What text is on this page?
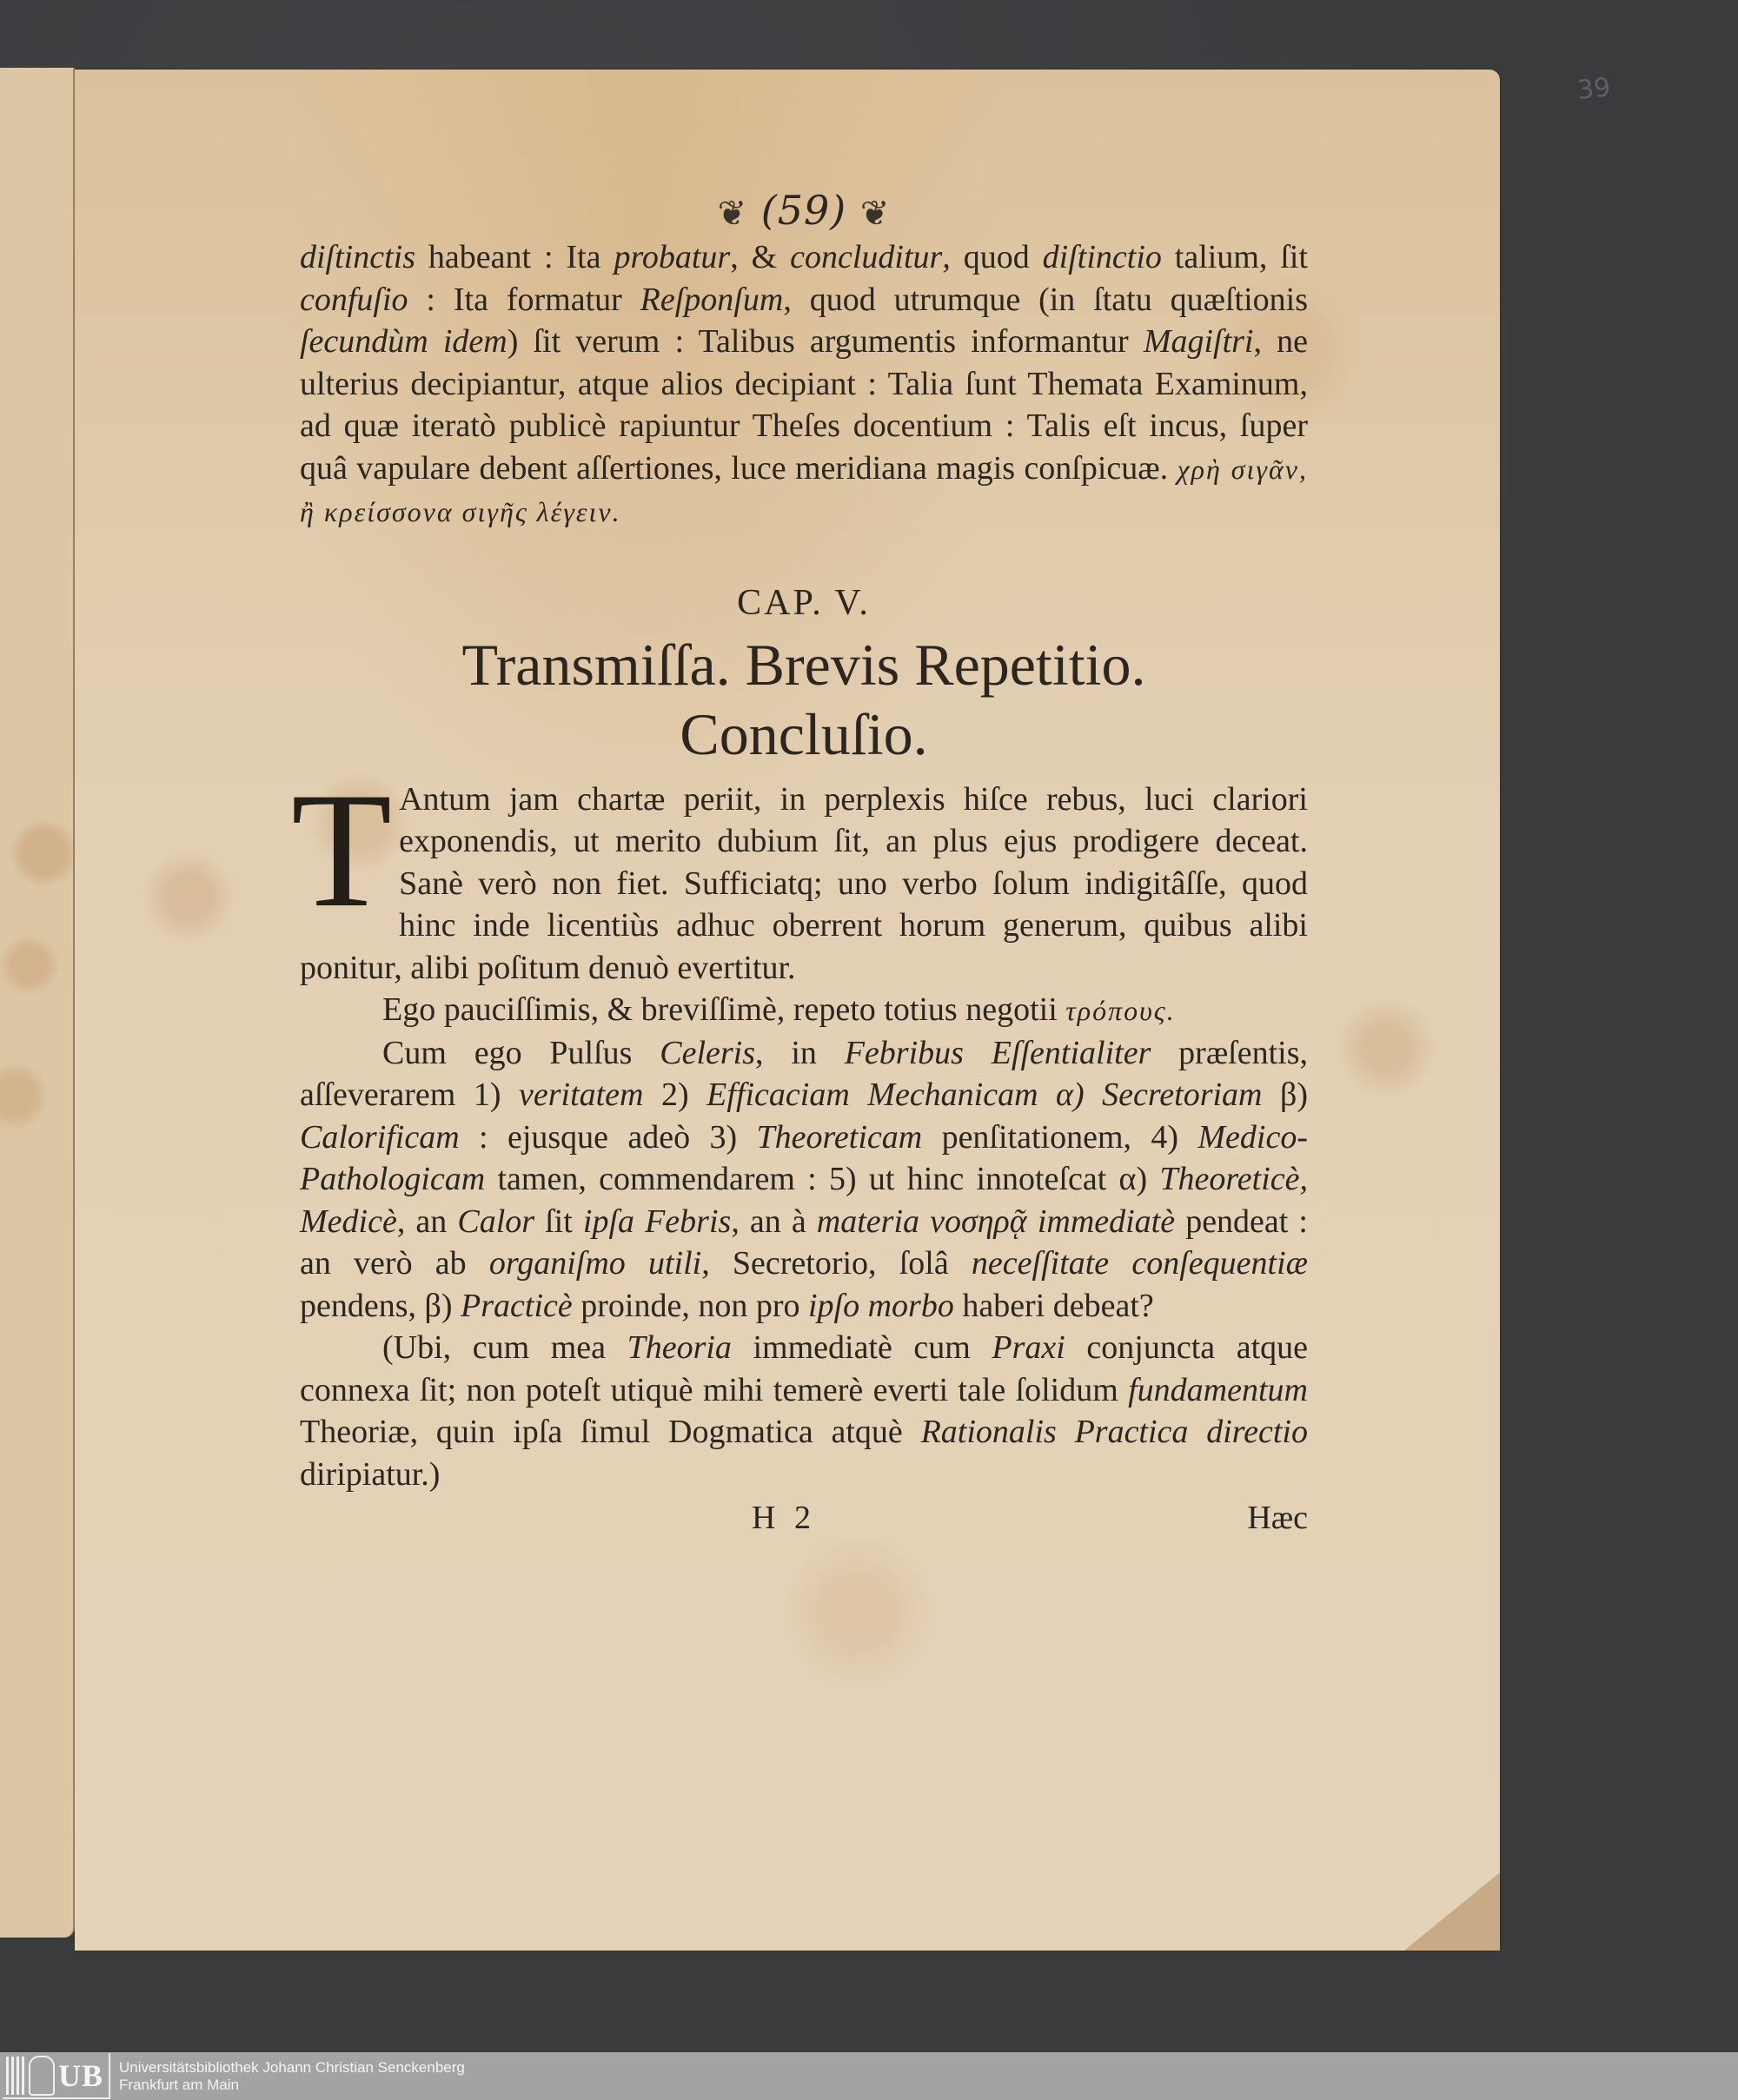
39
❦ (59) ❦

diſtinctis habeant : Ita probatur, & concluditur, quod diſtinctio talium, ſit confuſio : Ita formatur Reſponſum, quod utrumque (in ſtatu quæſtionis ſecundùm idem) ſit verum : Talibus argumentis informantur Magiſtri, ne ulterius decipiantur, atque alios decipiant : Talia ſunt Themata Examinum, ad quæ iteratò publicè rapiuntur Theſes docentium : Talis eſt incus, ſuper quâ vapulare debent aſſertiones, luce meridiana magis conſpicuæ. χρὴ σιγᾶν, ἢ κρείσσονα σιγῆς λέγειν.

CAP. V.
Transmiſſa. Brevis Repetitio.
Concluſio.
T Antum jam chartæ periit, in perplexis hiſce rebus, luci clariori exponendis, ut merito dubium ſit, an plus ejus prodigere deceat. Sanè verò non fiet. Sufficiatq; uno verbo ſolum indigitâſſe, quod hinc inde licentiùs adhuc oberrent horum generum, quibus alibi ponitur, alibi poſitum denuò evertitur.

Ego pauciſſimis, & breviſſimè, repeto totius negotii τρόπους.

Cum ego Pulſus Celeris, in Febribus Eſſentialiter præſentis, aſſeverarem 1) veritatem 2) Efficaciam Mechanicam α) Secretoriam β) Calorificam : ejusque adeò 3) Theoreticam penſitationem, 4) Medico-Pathologicam tamen, commendarem : 5) ut hinc innoteſcat α) Theoreticè, Medicè, an Calor ſit ipſa Febris, an à materia νοσηρᾷ immediatè pendeat : an verò ab organiſmo utili, Secretorio, ſolâ neceſſitate conſequentiæ pendens, β) Practicè proinde, non pro ipſo morbo haberi debeat?

(Ubi, cum mea Theoria immediatè cum Praxi conjuncta atque connexa ſit; non poteſt utiquè mihi temerè everti tale ſolidum fundamentum Theoriæ, quin ipſa ſimul Dogmatica atquè Rationalis Practica directio diripiatur.)

H 2	Hæc
UB Universitätsbibliothek Johann Christian Senckenberg
Frankfurt am Main
